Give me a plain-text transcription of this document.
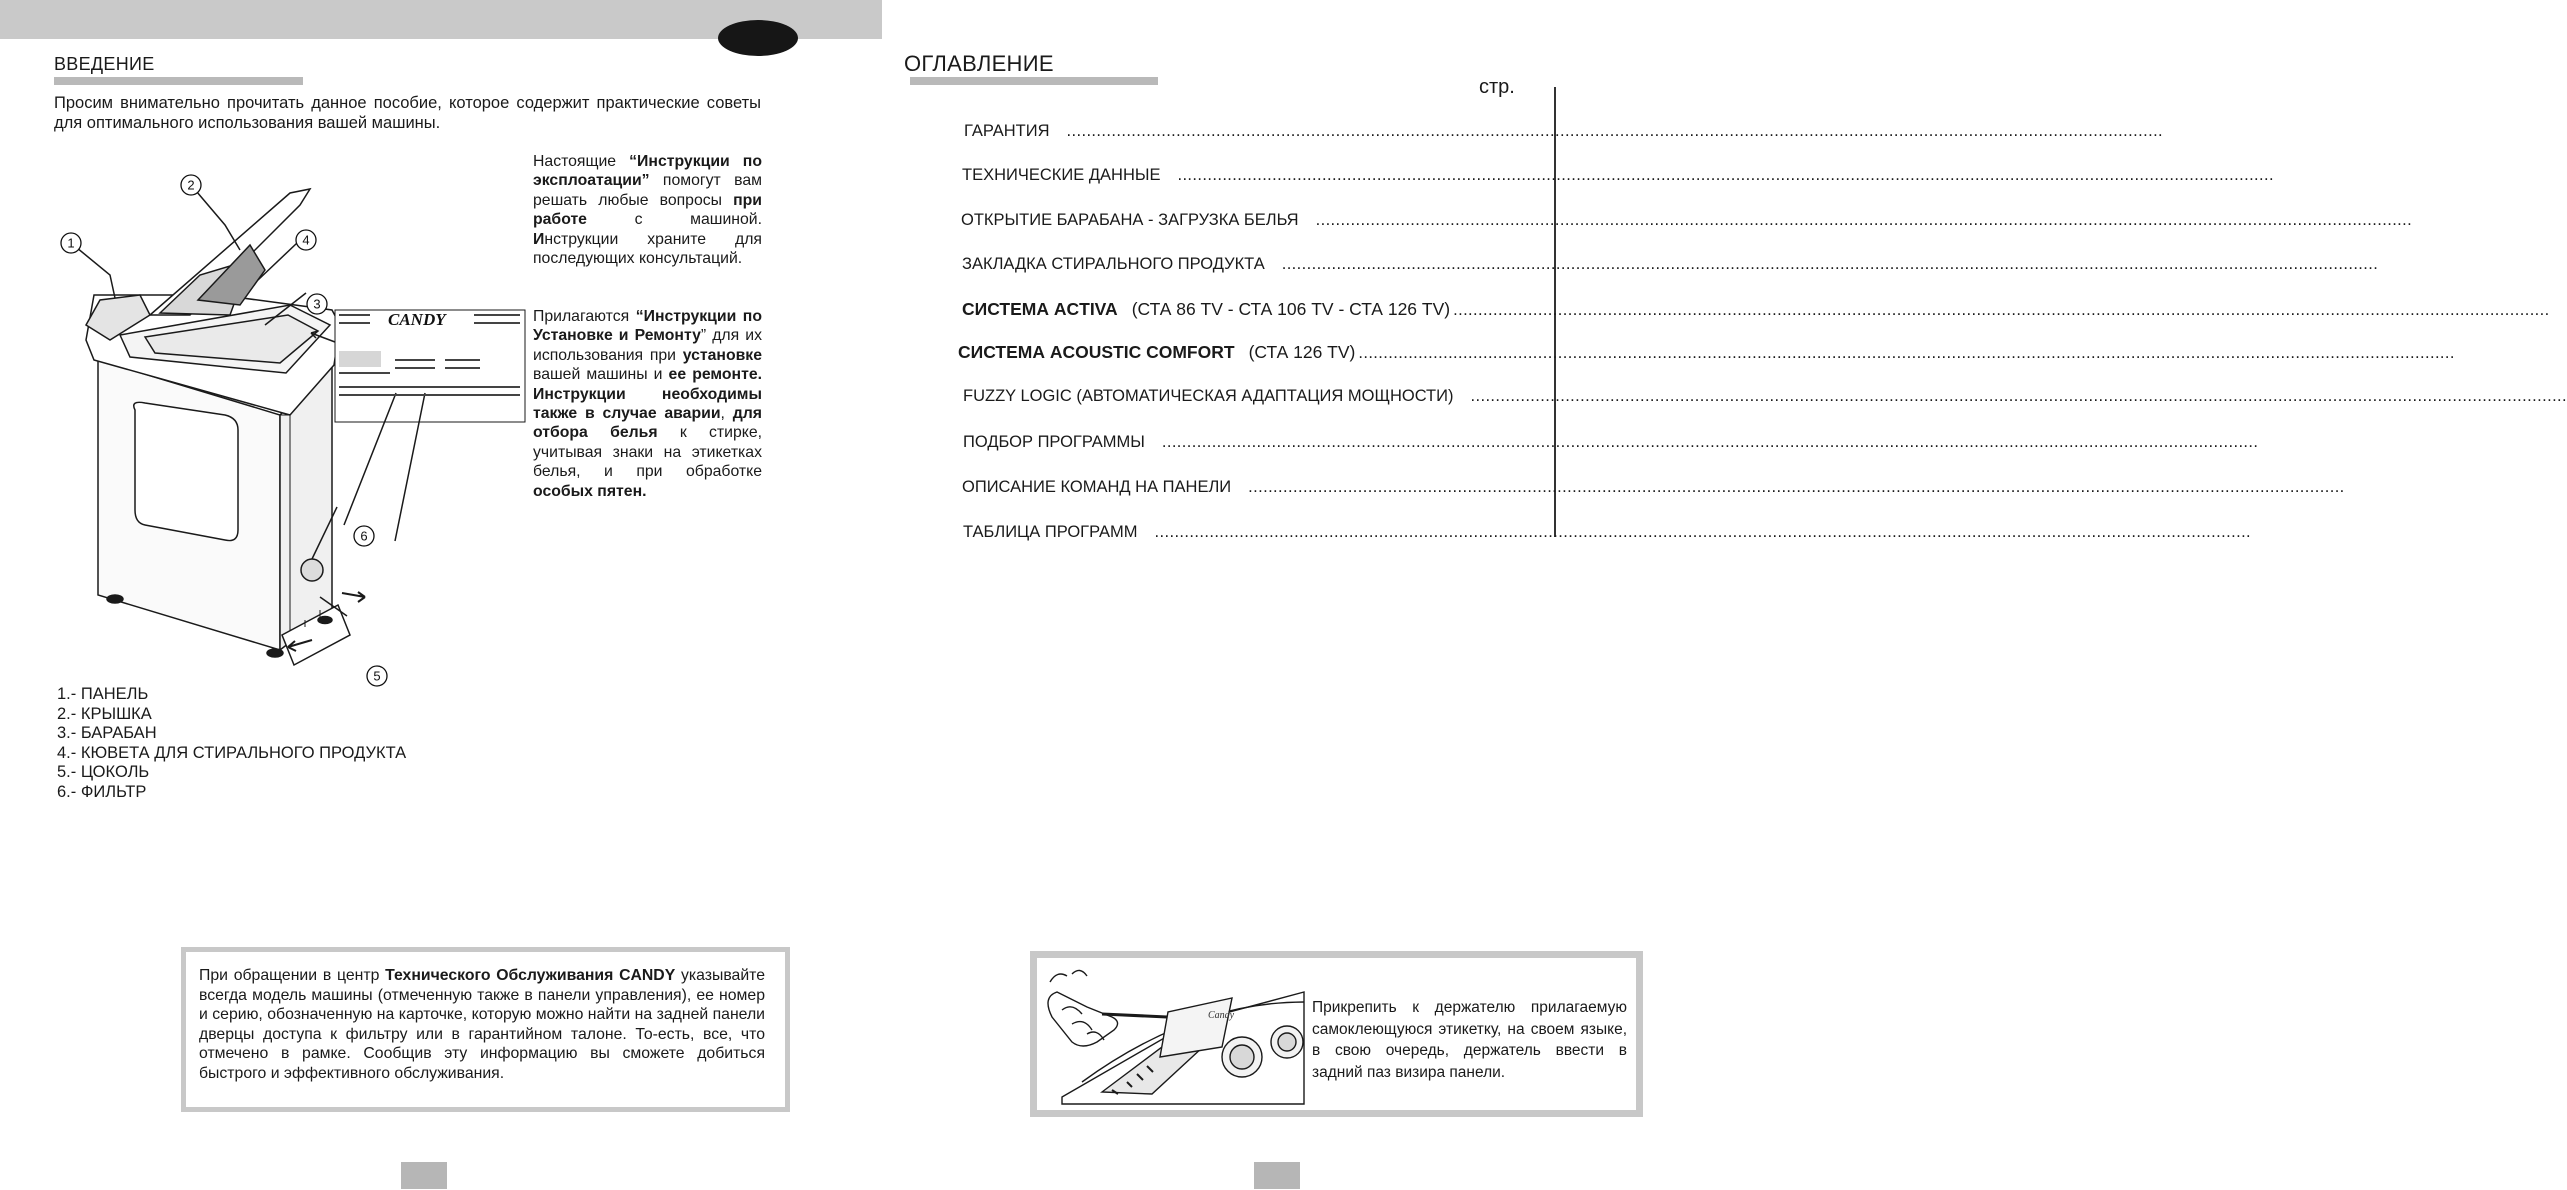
ВВЕДЕНИЕ
Просим внимательно прочитать данное пособие, которое содержит практические советы для оптимального использования вашей машины.
Настоящие “Инструкции по эксплоатации” помогут вам решать любые вопросы при работе с машиной. Инструкции храните для последующих консультаций.
Прилагаются “Инструкции по Установке и Ремонту” для их использования при установке вашей машины и ее ремонте. Инструкции необходимы также в случае аварии, для отбора белья к стирке, учитывая знаки на этикетках белья, и при обработке особых пятен.
CANDY
1
2
3
4
5
6
1.- ПАНЕЛЬ
2.- КРЫШКА
3.- БАРАБАН
4.- КЮВЕТА ДЛЯ СТИРАЛЬНОГО ПРОДУКТА
5.- ЦОКОЛЬ
6.- ФИЛЬТР
При обращении в центр Технического Обслуживания CANDY указывайте всегда модель машины (отмеченную также в панели управления), ее номер и серию, обозначенную на карточке, которую можно найти на задней панели дверцы доступа к фильтру или в гарантийном талоне. То-есть, все, что отмечено в рамке. Сообщив эту информацию вы сможете добиться быстрого и эффективного обслуживания.
ОГЛАВЛЕНИЕ
стр.
ГАРАНТИЯ ............................................................................................................................................................................................................................
ТЕХНИЧЕСКИЕ ДАННЫЕ ............................................................................................................................................................................................................................
ОТКРЫТИЕ БАРАБАНА - ЗАГРУЗКА БЕЛЬЯ ............................................................................................................................................................................................................................
ЗАКЛАДКА СТИРАЛЬНОГО ПРОДУКТА ............................................................................................................................................................................................................................
СИСТЕМА ACTIVA (СТА 86 TV - СТА 106 TV - СТА 126 TV) ............................................................................................................................................................................................................................
СИСТЕМА ACOUSTIC COMFORT (СТА 126 TV) ............................................................................................................................................................................................................................
FUZZY LOGIC (АВТОМАТИЧЕСКАЯ АДАПТАЦИЯ МОЩНОСТИ) ............................................................................................................................................................................................................................
ПОДБОР ПРОГРАММЫ ............................................................................................................................................................................................................................
ОПИСАНИЕ КОМАНД НА ПАНЕЛИ ............................................................................................................................................................................................................................
ТАБЛИЦА ПРОГРАММ ............................................................................................................................................................................................................................
Candy	Прикрепить к держателю прилагаемую самоклеющуюся этикетку, на своем языке, в свою очередь, держатель ввести в задний паз визира панели.
